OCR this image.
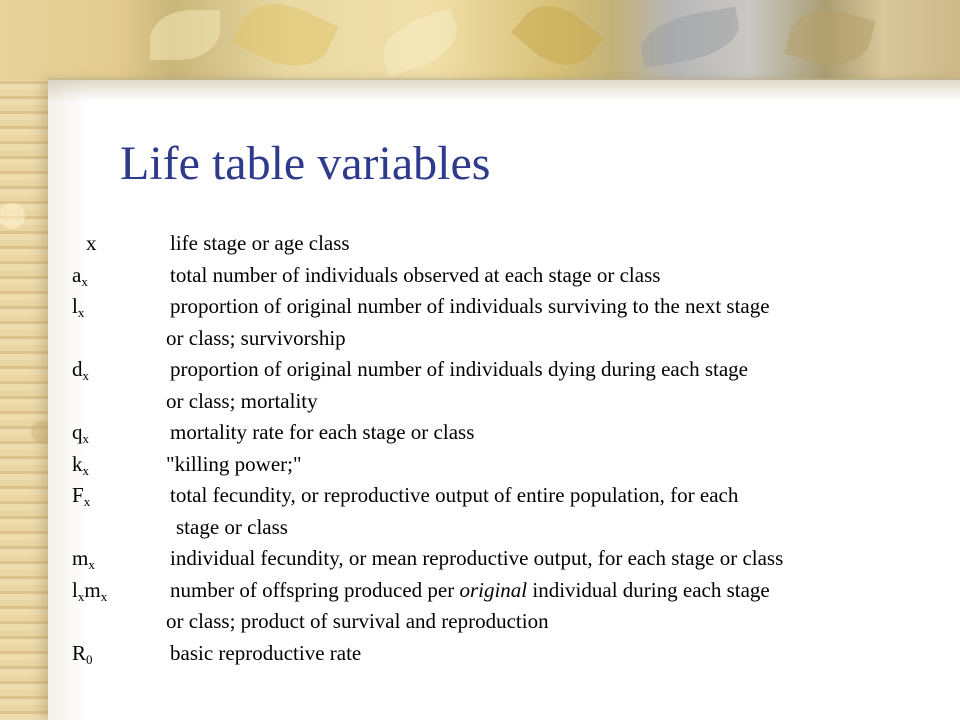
Life table variables
x	life stage or age class
$a_x$	total number of individuals observed at each stage or class
$l_x$	proportion of original number of individuals surviving to the next stage
or class; survivorship
$d_x$	proportion of original number of individuals dying during each stage
or class; mortality
$q_x$	mortality rate for each stage or class
$k_x$	"killing power;"
$F_x$	total fecundity, or reproductive output of entire population, for each
stage or class
$m_x$	individual fecundity, or mean reproductive output, for each stage or class
$l_xm_x$	number of offspring produced per original individual during each stage
or class; product of survival and reproduction
$R_0$	basic reproductive rate
